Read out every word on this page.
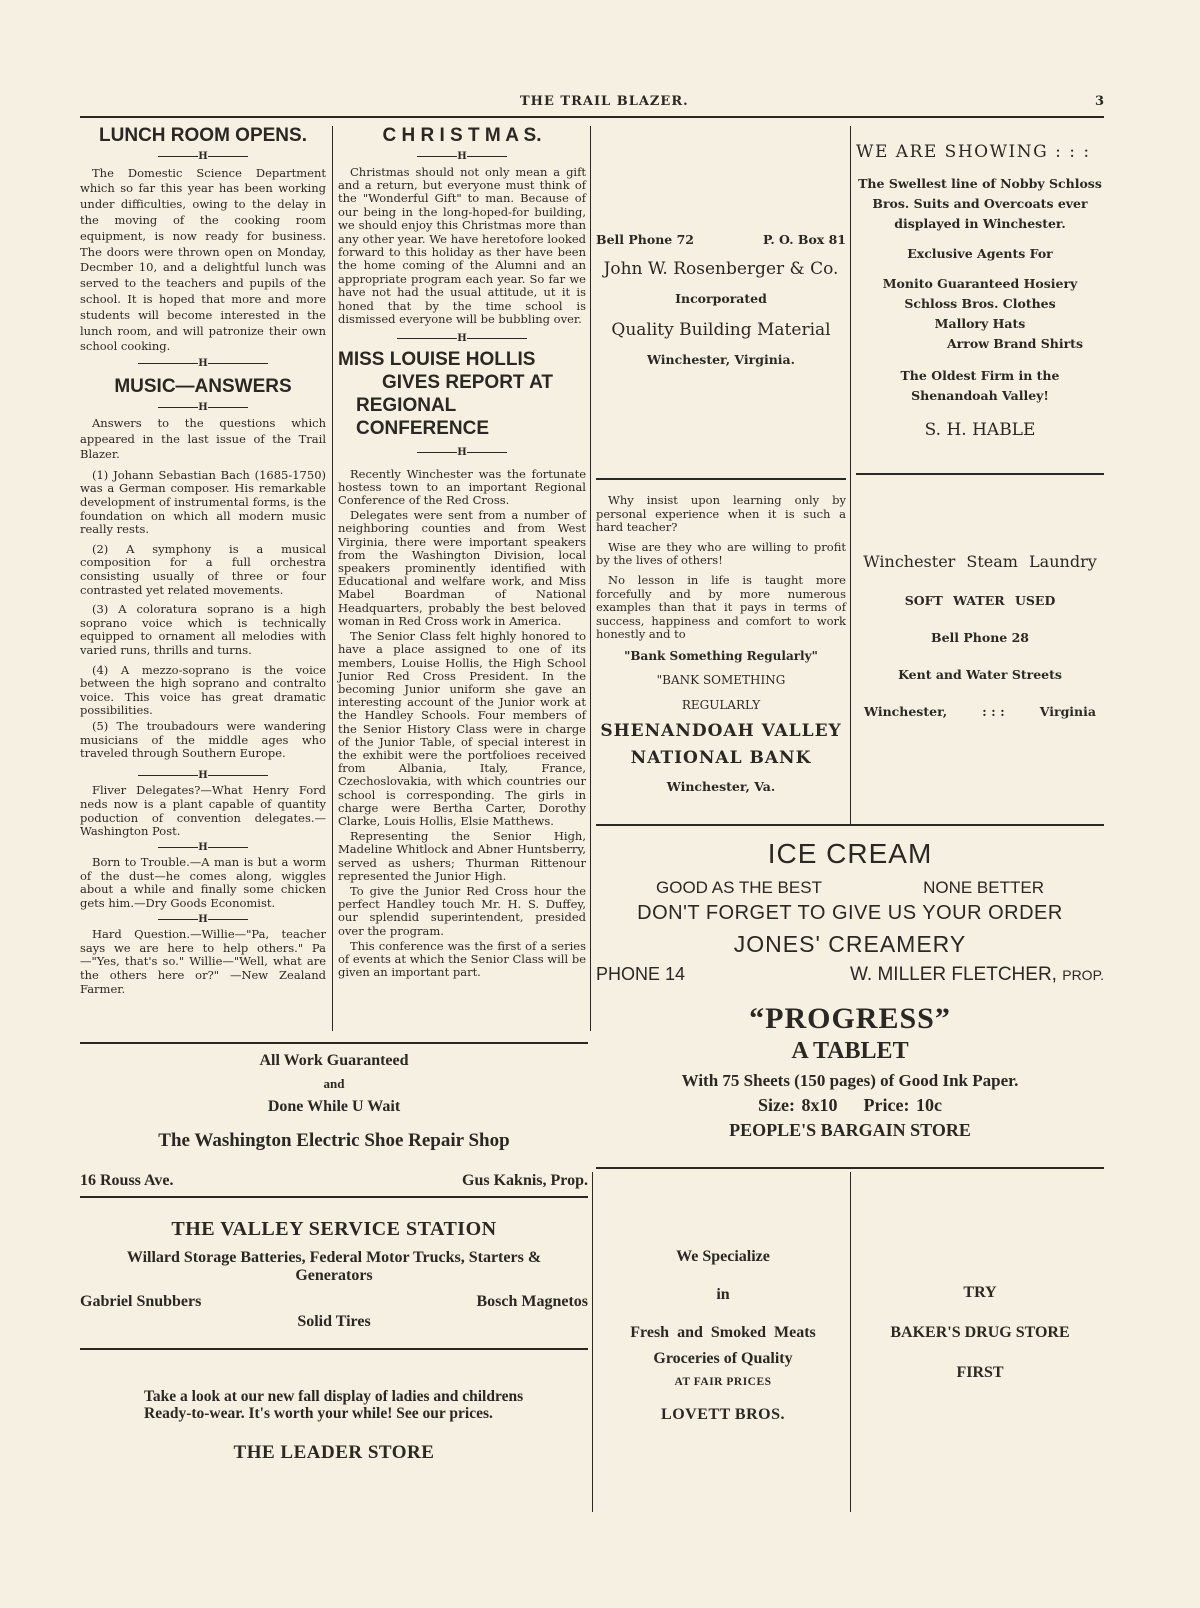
THE TRAIL BLAZER.	3
LUNCH ROOM OPENS.
H

The Domestic Science Department which so far this year has been working under difficulties, owing to the delay in the moving of the cooking room equipment, is now ready for business. The doors were thrown open on Monday, Decmber 10, and a delightful lunch was served to the teachers and pupils of the school. It is hoped that more and more students will become interested in the lunch room, and will patronize their own school cooking.

H
MUSIC—ANSWERS
H

Answers to the questions which appeared in the last issue of the Trail Blazer.

(1) Johann Sebastian Bach (1685-1750) was a German composer. His remarkable development of instrumental forms, is the foundation on which all modern music really rests.

(2) A symphony is a musical composition for a full orchestra consisting usually of three or four contrasted yet related movements.

(3) A coloratura soprano is a high soprano voice which is technically equipped to ornament all melodies with varied runs, thrills and turns.

(4) A mezzo-soprano is the voice between the high soprano and contralto voice. This voice has great dramatic possibilities.

(5) The troubadours were wandering musicians of the middle ages who traveled through Southern Europe.

H

Fliver Delegates?—What Henry Ford neds now is a plant capable of quantity poduction of convention delegates.—Washington Post.

H

Born to Trouble.—A man is but a worm of the dust—he comes along, wiggles about a while and finally some chicken gets him.—Dry Goods Economist.

H

Hard Question.—Willie—"Pa, teacher says we are here to help others." Pa—"Yes, that's so." Willie—"Well, what are the others here or?" —New Zealand Farmer.

C H R I S T M A S.
H

Christmas should not only mean a gift and a return, but everyone must think of the "Wonderful Gift" to man. Because of our being in the long-hoped-for building, we should enjoy this Christmas more than any other year. We have heretofore looked forward to this holiday as ther have been the home coming of the Alumni and an appropriate program each year. So far we have not had the usual attitude, ut it is honed that by the time school is dismissed everyone will be bubbling over.

H
MISS LOUISE HOLLIS
GIVES REPORT AT
REGIONAL CONFERENCE
H

Recently Winchester was the fortunate hostess town to an important Regional Conference of the Red Cross.

Delegates were sent from a number of neighboring counties and from West Virginia, there were important speakers from the Washington Division, local speakers prominently identified with Educational and welfare work, and Miss Mabel Boardman of National Headquarters, probably the best beloved woman in Red Cross work in America.

The Senior Class felt highly honored to have a place assigned to one of its members, Louise Hollis, the High School Junior Red Cross President. In the becoming Junior uniform she gave an interesting account of the Junior work at the Handley Schools. Four members of the Senior History Class were in charge of the Junior Table, of special interest in the exhibit were the portfolioes received from Albania, Italy, France, Czechoslovakia, with which countries our school is corresponding. The girls in charge were Bertha Carter, Dorothy Clarke, Louis Hollis, Elsie Matthews.

Representing the Senior High, Madeline Whitlock and Abner Huntsberry, served as ushers; Thurman Rittenour represented the Junior High.

To give the Junior Red Cross hour the perfect Handley touch Mr. H. S. Duffey, our splendid superintendent, presided over the program.

This conference was the first of a series of events at which the Senior Class will be given an important part.

Bell Phone 72	P. O. Box 81
John W. Rosenberger & Co.
Incorporated
Quality Building Material
Winchester, Virginia.

Why insist upon learning only by personal experience when it is such a hard teacher?

Wise are they who are willing to profit by the lives of others!

No lesson in life is taught more forcefully and by more numerous examples than that it pays in terms of success, happiness and comfort to work honestly and to

"Bank Something Regularly"
"BANK SOMETHING
REGULARLY
SHENANDOAH VALLEY
NATIONAL BANK
Winchester, Va.
WE ARE SHOWING : : :
The Swellest line of Nobby Schloss Bros. Suits and Overcoats ever displayed in Winchester.
Exclusive Agents For
Monito Guaranteed Hosiery
Schloss Bros. Clothes
Mallory Hats
Arrow Brand Shirts
The Oldest Firm in the Shenandoah Valley!
S. H. HABLE
Winchester Steam Laundry
SOFT WATER USED
Bell Phone 28
Kent and Water Streets
Winchester,	: : :	Virginia
ICE CREAM
GOOD AS THE BEST	NONE BETTER
DON'T FORGET TO GIVE US YOUR ORDER
JONES' CREAMERY
PHONE 14	W. MILLER FLETCHER, PROP.
“PROGRESS”
A TABLET
With 75 Sheets (150 pages) of Good Ink Paper.
Size: 8x10 Price: 10c
PEOPLE'S BARGAIN STORE
All Work Guaranteed
and
Done While U Wait
The Washington Electric Shoe Repair Shop
16 Rouss Ave.	Gus Kaknis, Prop.
THE VALLEY SERVICE STATION
Willard Storage Batteries, Federal Motor Trucks, Starters &
Generators
Gabriel Snubbers	Bosch Magnetos
Solid Tires
Take a look at our new fall display of ladies and childrens Ready-to-wear. It's worth your while! See our prices.
THE LEADER STORE
We Specialize
in
Fresh and Smoked Meats
Groceries of Quality
AT FAIR PRICES
LOVETT BROS.
TRY
BAKER'S DRUG STORE
FIRST
